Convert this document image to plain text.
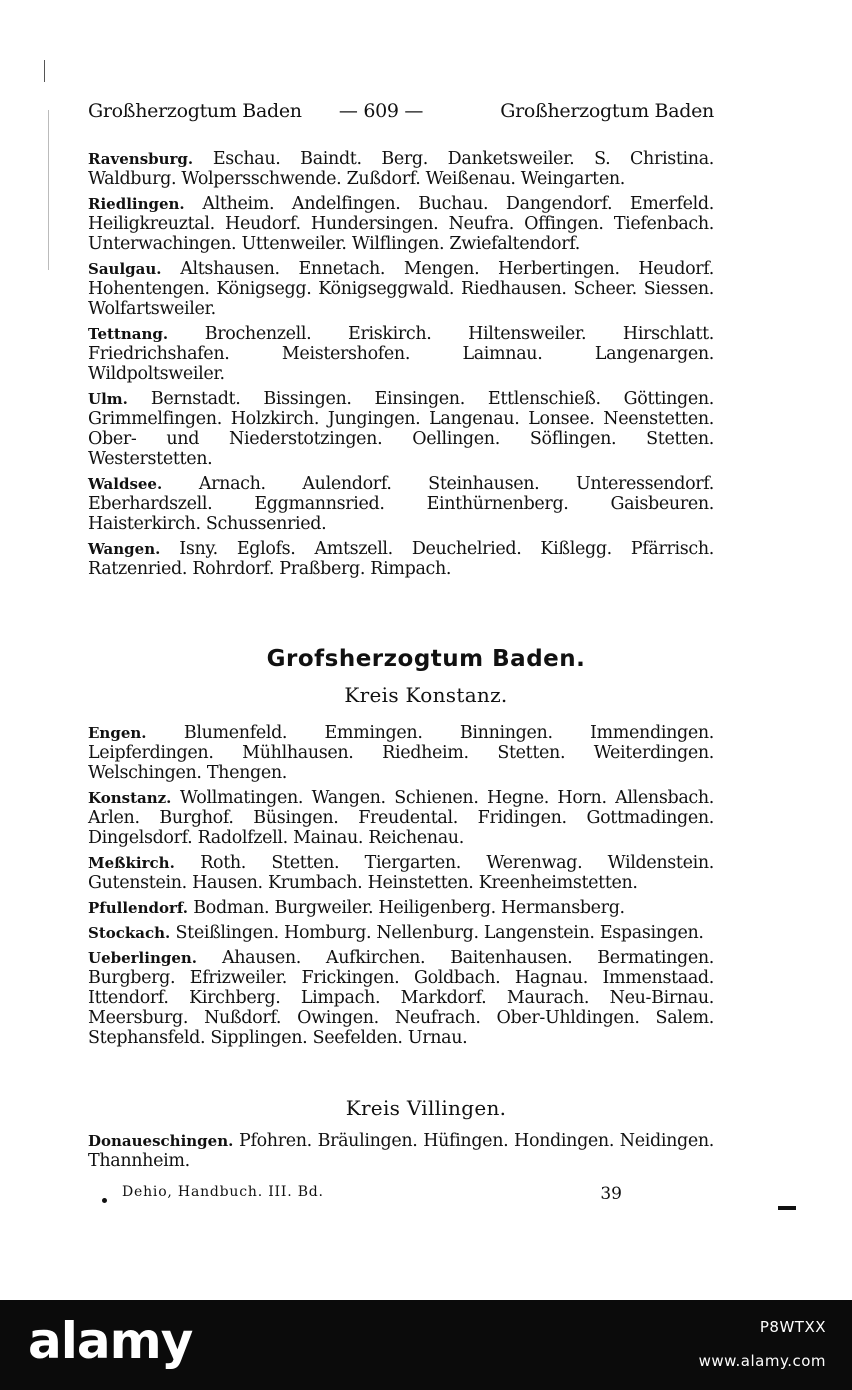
Großherzogtum Baden — 609 —	Großherzogtum Baden

Ravensburg. Eschau. Baindt. Berg. Danketsweiler. S. Christina. Waldburg. Wolpersschwende. Zußdorf. Weißenau. Weingarten.

Riedlingen. Altheim. Andelfingen. Buchau. Dangendorf. Emerfeld. Heiligkreuztal. Heudorf. Hundersingen. Neufra. Offingen. Tiefenbach. Unterwachingen. Uttenweiler. Wilflingen. Zwiefaltendorf.

Saulgau. Altshausen. Ennetach. Mengen. Herbertingen. Heudorf. Hohentengen. Königsegg. Königseggwald. Riedhausen. Scheer. Siessen. Wolfartsweiler.

Tettnang. Brochenzell. Eriskirch. Hiltensweiler. Hirschlatt. Friedrichshafen. Meistershofen. Laimnau. Langenargen. Wildpoltsweiler.

Ulm. Bernstadt. Bissingen. Einsingen. Ettlenschieß. Göttingen. Grimmelfingen. Holzkirch. Jungingen. Langenau. Lonsee. Neenstetten. Ober- und Niederstotzingen. Oellingen. Söflingen. Stetten. Westerstetten.

Waldsee. Arnach. Aulendorf. Steinhausen. Unteressendorf. Eberhardszell. Eggmannsried. Einthürnenberg. Gaisbeuren. Haisterkirch. Schussenried.

Wangen. Isny. Eglofs. Amtszell. Deuchelried. Kißlegg. Pfärrisch. Ratzenried. Rohrdorf. Praßberg. Rimpach.

Grofsherzogtum Baden.
Kreis Konstanz.

Engen. Blumenfeld. Emmingen. Binningen. Immendingen. Leipferdingen. Mühlhausen. Riedheim. Stetten. Weiterdingen. Welschingen. Thengen.

Konstanz. Wollmatingen. Wangen. Schienen. Hegne. Horn. Allensbach. Arlen. Burghof. Büsingen. Freudental. Fridingen. Gottmadingen. Dingelsdorf. Radolfzell. Mainau. Reichenau.

Meßkirch. Roth. Stetten. Tiergarten. Werenwag. Wildenstein. Gutenstein. Hausen. Krumbach. Heinstetten. Kreenheimstetten.

Pfullendorf. Bodman. Burgweiler. Heiligenberg. Hermansberg.

Stockach. Steißlingen. Homburg. Nellenburg. Langenstein. Espasingen.

Ueberlingen. Ahausen. Aufkirchen. Baitenhausen. Bermatingen. Burgberg. Efrizweiler. Frickingen. Goldbach. Hagnau. Immenstaad. Ittendorf. Kirchberg. Limpach. Markdorf. Maurach. Neu-Birnau. Meersburg. Nußdorf. Owingen. Neufrach. Ober-Uhldingen. Salem. Stephansfeld. Sipplingen. Seefelden. Urnau.

Kreis Villingen.

Donaueschingen. Pfohren. Bräulingen. Hüfingen. Hondingen. Neidingen. Thannheim.

Dehio, Handbuch. III. Bd.	39
alamy	P8WTXX
www.alamy.com
